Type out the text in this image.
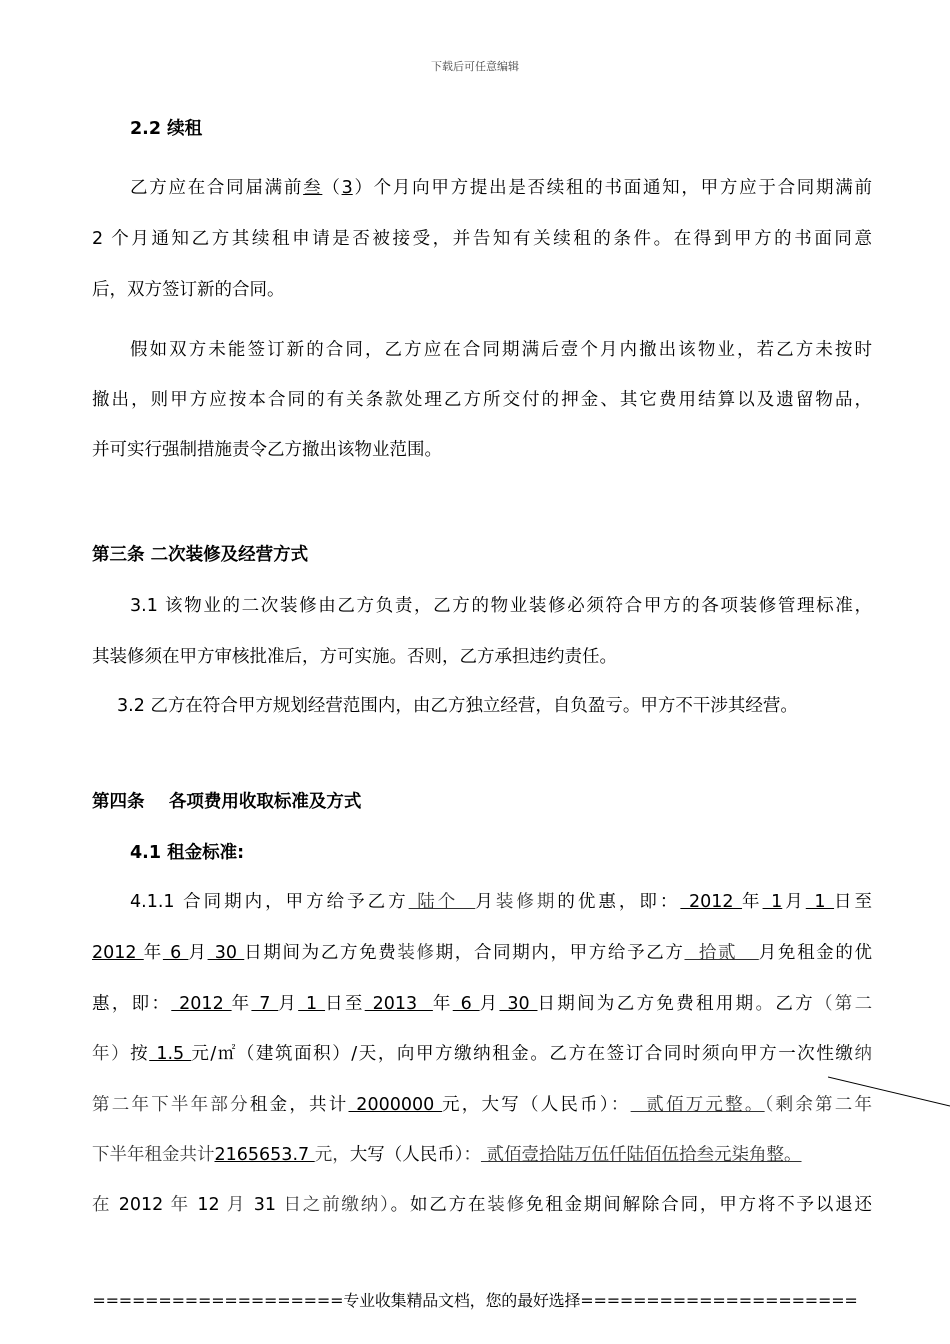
下载后可任意编辑
2.2 续租
乙方应在合同届满前叁（3）个月向甲方提出是否续租的书面通知，甲方应于合同期满前
2 个月通知乙方其续租申请是否被接受，并告知有关续租的条件。在得到甲方的书面同意
后，双方签订新的合同。
假如双方未能签订新的合同，乙方应在合同期满后壹个月内撤出该物业，若乙方未按时
撤出，则甲方应按本合同的有关条款处理乙方所交付的押金、其它费用结算以及遗留物品，
并可实行强制措施责令乙方撤出该物业范围。
第三条 二次装修及经营方式
3.1 该物业的二次装修由乙方负责，乙方的物业装修必须符合甲方的各项装修管理标准，
其装修须在甲方审核批准后，方可实施。否则，乙方承担违约责任。
3.2 乙方在符合甲方规划经营范围内，由乙方独立经营，自负盈亏。甲方不干涉其经营。
第四条    各项费用收取标准及方式
4.1 租金标准:
4.1.1 合同期内，甲方给予乙方 陆个  月装修期的优惠，即： 2012 年 1月 1 日至
2012 年 6 月 30 日期间为乙方免费装修期，合同期内，甲方给予乙方  拾贰   月免租金的优
惠，即： 2012 年 7 月 1 日至 2013  年 6 月 30 日期间为乙方免费租用期。乙方（第二
年）按 1.5 元/㎡（建筑面积）/天，向甲方缴纳租金。乙方在签订合同时须向甲方一次性缴纳
第二年下半年部分租金，共计 2000000 元，大写（人民币）：  贰佰万元整。（剩余第二年
下半年租金共计2165653.7 元，大写（人民币）： 贰佰壹拾陆万伍仟陆佰伍拾叁元柒角整。
在 2012 年 12 月 31 日之前缴纳）。如乙方在装修免租金期间解除合同，甲方将不予以退还
===================专业收集精品文档，您的最好选择=====================
